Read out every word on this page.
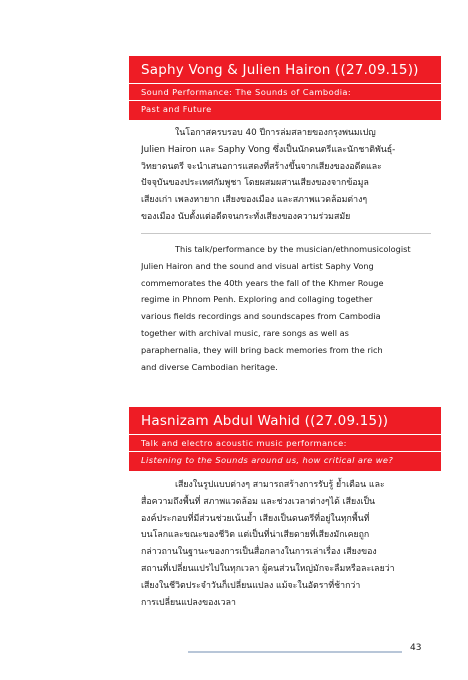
Saphy Vong & Julien Hairon ((27.09.15))
Sound Performance: The Sounds of Cambodia:
Past and Future
ในโอกาสครบรอบ 40 ปีการล่มสลายของกรุงพนมเปญ
Julien Hairon และ Saphy Vong ซึ่งเป็นนักดนตรีและนักชาติพันธุ์-
วิทยาดนตรี จะนำเสนอการแสดงที่สร้างขึ้นจากเสียงของอดีตและ
ปัจจุบันของประเทศกัมพูชา โดยผสมผสานเสียงของจากข้อมูล
เสียงเก่า เพลงหายาก เสียงของเมือง และสภาพแวดล้อมต่างๆ
ของเมือง นับตั้งแต่อดีตจนกระทั่งเสียงของความร่วมสมัย
This talk/performance by the musician/ethnomusicologist
Julien Hairon and the sound and visual artist Saphy Vong
commemorates the 40th years the fall of the Khmer Rouge
regime in Phnom Penh. Exploring and collaging together
various fields recordings and soundscapes from Cambodia
together with archival music, rare songs as well as
paraphernalia, they will bring back memories from the rich
and diverse Cambodian heritage.
Hasnizam Abdul Wahid ((27.09.15))
Talk and electro acoustic music performance:
Listening to the Sounds around us, how critical are we?
เสียงในรูปแบบต่างๆ สามารถสร้างการรับรู้ ย้ำเตือน และ
สื่อความถึงพื้นที่ สภาพแวดล้อม และช่วงเวลาต่างๆได้ เสียงเป็น
องค์ประกอบที่มีส่วนช่วยเน้นย้ำ เสียงเป็นดนตรีที่อยู่ในทุกพื้นที่
บนโลกและขณะของชีวิต แต่เป็นที่น่าเสียดายที่เสียงมักเคยถูก
กล่าวถานในฐานะของการเป็นสื่อกลางในการเล่าเรื่อง เสียงของ
สถานที่เปลี่ยนแปรไปในทุกเวลา ผู้คนส่วนใหญ่มักจะลืมหรือละเลยว่า
เสียงในชีวิตประจำวันก็เปลี่ยนแปลง แม้จะในอัตราที่ช้ากว่า
การเปลี่ยนแปลงของเวลา
43
